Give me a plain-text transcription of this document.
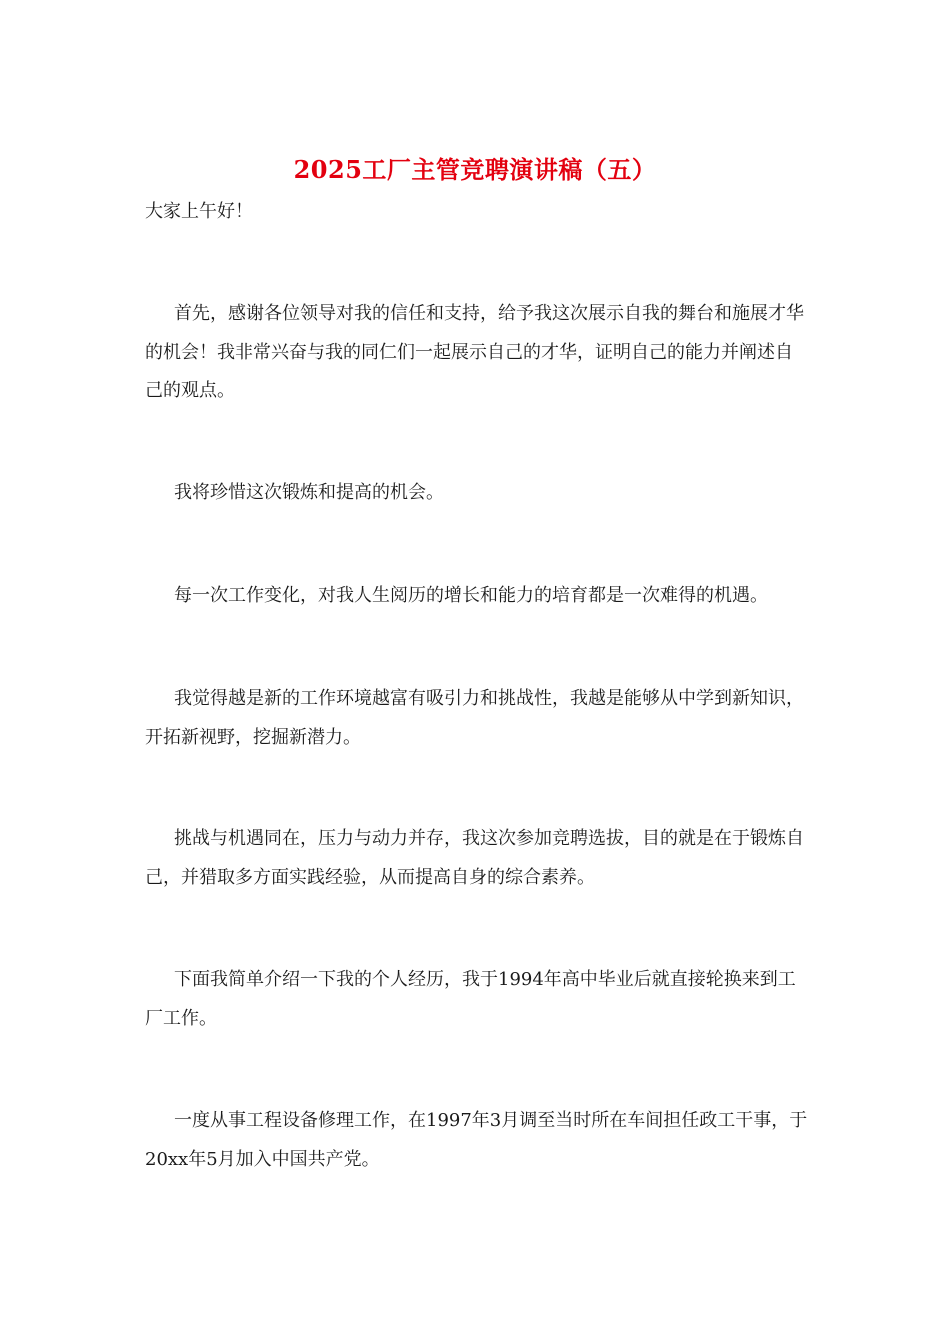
2025工厂主管竞聘演讲稿（五）
大家上午好！

首先，感谢各位领导对我的信任和支持，给予我这次展示自我的舞台和施展才华的机会！我非常兴奋与我的同仁们一起展示自己的才华，证明自己的能力并阐述自己的观点。

我将珍惜这次锻炼和提高的机会。

每一次工作变化，对我人生阅历的增长和能力的培育都是一次难得的机遇。

我觉得越是新的工作环境越富有吸引力和挑战性，我越是能够从中学到新知识，开拓新视野，挖掘新潜力。

挑战与机遇同在，压力与动力并存，我这次参加竞聘选拔，目的就是在于锻炼自己，并猎取多方面实践经验，从而提高自身的综合素养。

下面我简单介绍一下我的个人经历，我于1994年高中毕业后就直接轮换来到工厂工作。

一度从事工程设备修理工作，在1997年3月调至当时所在车间担任政工干事，于20xx年5月加入中国共产党。
